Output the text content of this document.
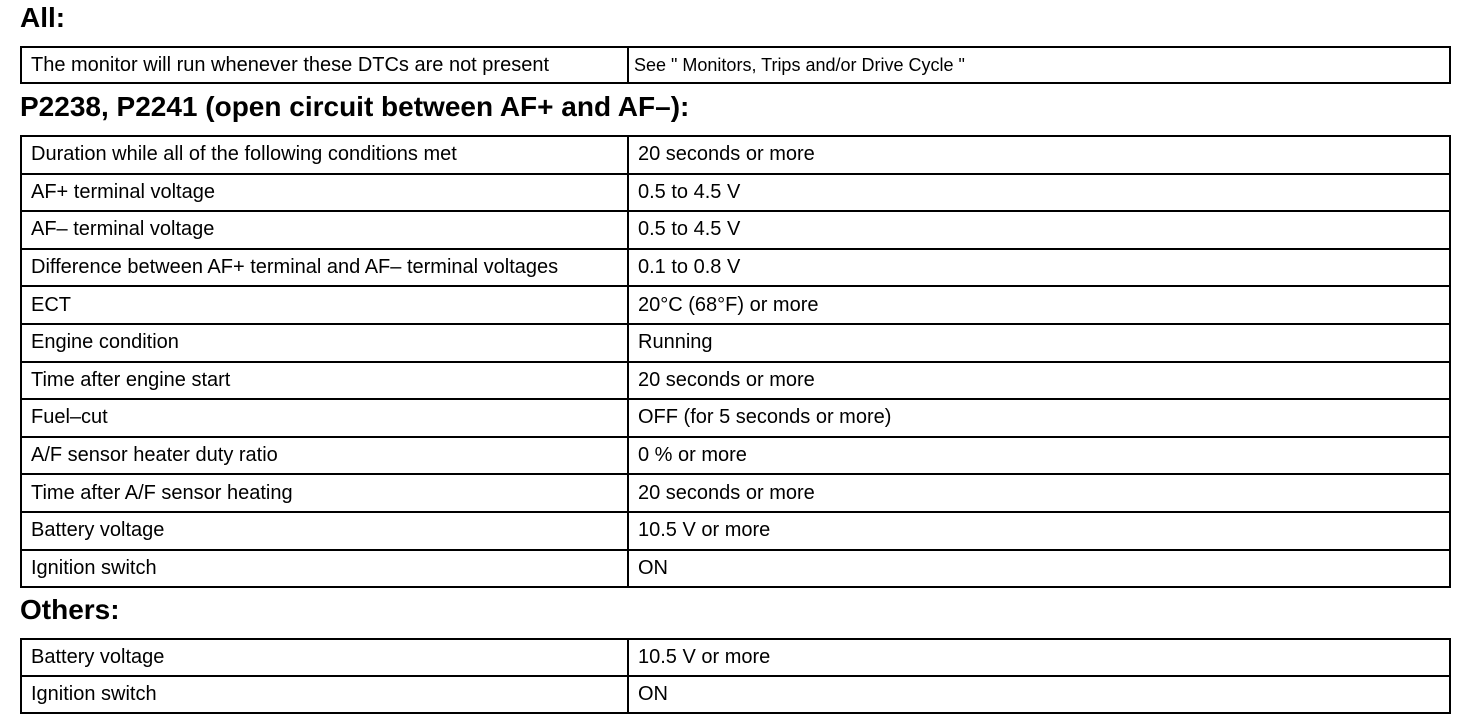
All:
The monitor will run whenever these DTCs are not present	See " Monitors, Trips and/or Drive Cycle "
P2238, P2241 (open circuit between AF+ and AF–):
Duration while all of the following conditions met	20 seconds or more
AF+ terminal voltage	0.5 to 4.5 V
AF– terminal voltage	0.5 to 4.5 V
Difference between AF+ terminal and AF– terminal voltages	0.1 to 0.8 V
ECT	20°C (68°F) or more
Engine condition	Running
Time after engine start	20 seconds or more
Fuel–cut	OFF (for 5 seconds or more)
A/F sensor heater duty ratio	0 % or more
Time after A/F sensor heating	20 seconds or more
Battery voltage	10.5 V or more
Ignition switch	ON
Others:
Battery voltage	10.5 V or more
Ignition switch	ON
